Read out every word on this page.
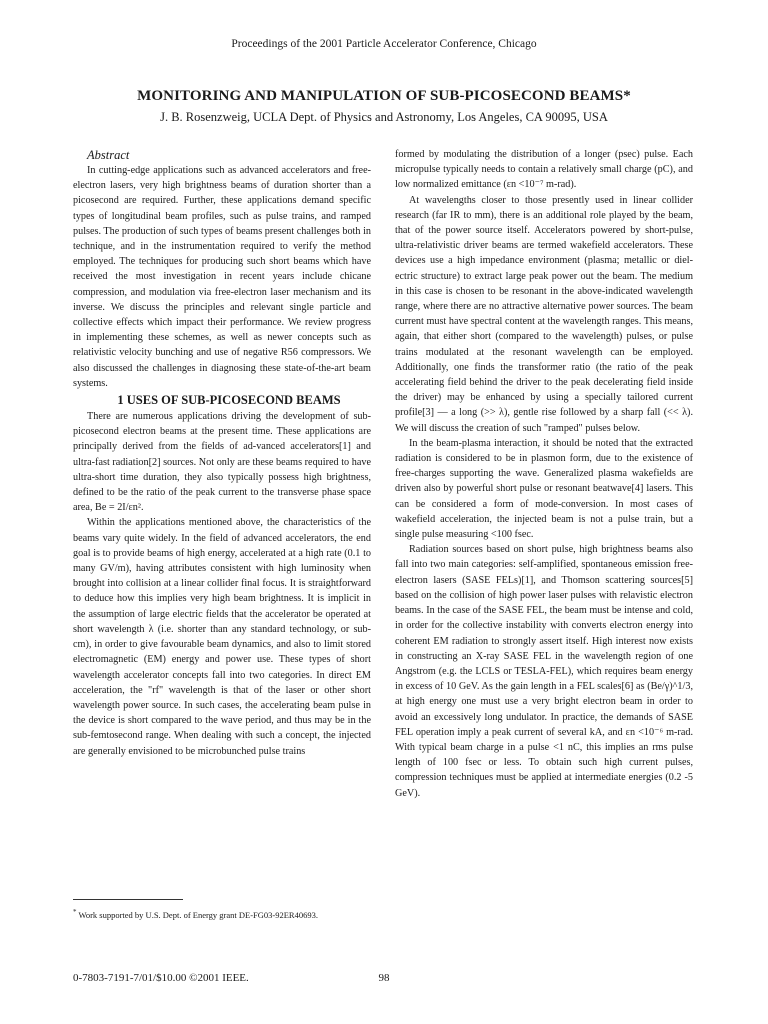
Proceedings of the 2001 Particle Accelerator Conference, Chicago
MONITORING AND MANIPULATION OF SUB-PICOSECOND BEAMS*
J. B. Rosenzweig, UCLA Dept. of Physics and Astronomy, Los Angeles, CA 90095, USA

Abstract

In cutting-edge applications such as advanced accelerators and free-electron lasers, very high brightness beams of duration shorter than a picosecond are required. Further, these applications demand specific types of longitudinal beam profiles, such as pulse trains, and ramped pulses. The production of such types of beams present challenges both in technique, and in the instrumentation required to verify the method employed. The techniques for producing such short beams which have received the most investigation in recent years include chicane compression, and modulation via free-electron laser mechanism and its inverse. We discuss the principles and relevant single particle and collective effects which impact their performance. We review progress in implementing these schemes, as well as newer concepts such as relativistic velocity bunching and use of negative R56 compressors. We also discussed the challenges in diagnosing these state-of-the-art beam systems.

1 USES OF SUB-PICOSECOND BEAMS

There are numerous applications driving the development of sub-picosecond electron beams at the present time. These applications are principally derived from the fields of ad-vanced accelerators[1] and ultra-fast radiation[2] sources. Not only are these beams required to have ultra-short time duration, they also typically possess high brightness, defined to be the ratio of the peak current to the transverse phase space area, Be = 2I/εn².

Within the applications mentioned above, the characteristics of the beams vary quite widely. In the field of advanced accelerators, the end goal is to provide beams of high energy, accelerated at a high rate (0.1 to many GV/m), having attributes consistent with high luminosity when brought into collision at a linear collider final focus. It is straightforward to deduce how this implies very high beam brightness. It is implicit in the assumption of large electric fields that the accelerator be operated at short wavelength λ (i.e. shorter than any standard technology, or sub-cm), in order to give favourable beam dynamics, and also to limit stored electromagnetic (EM) energy and power use. These types of short wavelength accelerator concepts fall into two categories. In direct EM acceleration, the "rf" wavelength is that of the laser or other short wavelength power source. In such cases, the accelerating beam pulse in the device is short compared to the wave period, and thus may be in the sub-femtosecond range. When dealing with such a concept, the injected are generally envisioned to be microbunched pulse trains

formed by modulating the distribution of a longer (psec) pulse. Each micropulse typically needs to contain a relatively small charge (pC), and low normalized emittance (εn <10⁻⁷ m-rad).

At wavelengths closer to those presently used in linear collider research (far IR to mm), there is an additional role played by the beam, that of the power source itself. Accelerators powered by short-pulse, ultra-relativistic driver beams are termed wakefield accelerators. These devices use a high impedance environment (plasma; metallic or diel-ectric structure) to extract large peak power out the beam. The medium in this case is chosen to be resonant in the above-indicated wavelength range, where there are no attractive alternative power sources. The beam current must have spectral content at the wavelength ranges. This means, again, that either short (compared to the wavelength) pulses, or pulse trains modulated at the resonant wavelength can be employed. Additionally, one finds the transformer ratio (the ratio of the peak accelerating field behind the driver to the peak decelerating field inside the driver) may be enhanced by using a specially tailored current profile[3] — a long (>> λ), gentle rise followed by a sharp fall (<< λ). We will discuss the creation of such "ramped" pulses below.

In the beam-plasma interaction, it should be noted that the extracted radiation is considered to be in plasmon form, due to the existence of free-charges supporting the wave. Generalized plasma wakefields are driven also by powerful short pulse or resonant beatwave[4] lasers. This can be considered a form of mode-conversion. In most cases of wakefield acceleration, the injected beam is not a pulse train, but a single pulse measuring <100 fsec.

Radiation sources based on short pulse, high brightness beams also fall into two main categories: self-amplified, spontaneous emission free-electron lasers (SASE FELs)[1], and Thomson scattering sources[5] based on the collision of high power laser pulses with relavistic electron beams. In the case of the SASE FEL, the beam must be intense and cold, in order for the collective instability with converts electron energy into coherent EM radiation to strongly assert itself. High interest now exists in constructing an X-ray SASE FEL in the wavelength region of one Angstrom (e.g. the LCLS or TESLA-FEL), which requires beam energy in excess of 10 GeV. As the gain length in a FEL scales[6] as (Be/γ)^1/3, at high energy one must use a very bright electron beam in order to avoid an excessively long undulator. In practice, the demands of SASE FEL operation imply a peak current of several kA, and εn <10⁻⁶ m-rad. With typical beam charge in a pulse <1 nC, this implies an rms pulse length of 100 fsec or less. To obtain such high current pulses, compression techniques must be applied at intermediate energies (0.2 -5 GeV).

* Work supported by U.S. Dept. of Energy grant DE-FG03-92ER40693.
0-7803-7191-7/01/$10.00 ©2001 IEEE.	98
